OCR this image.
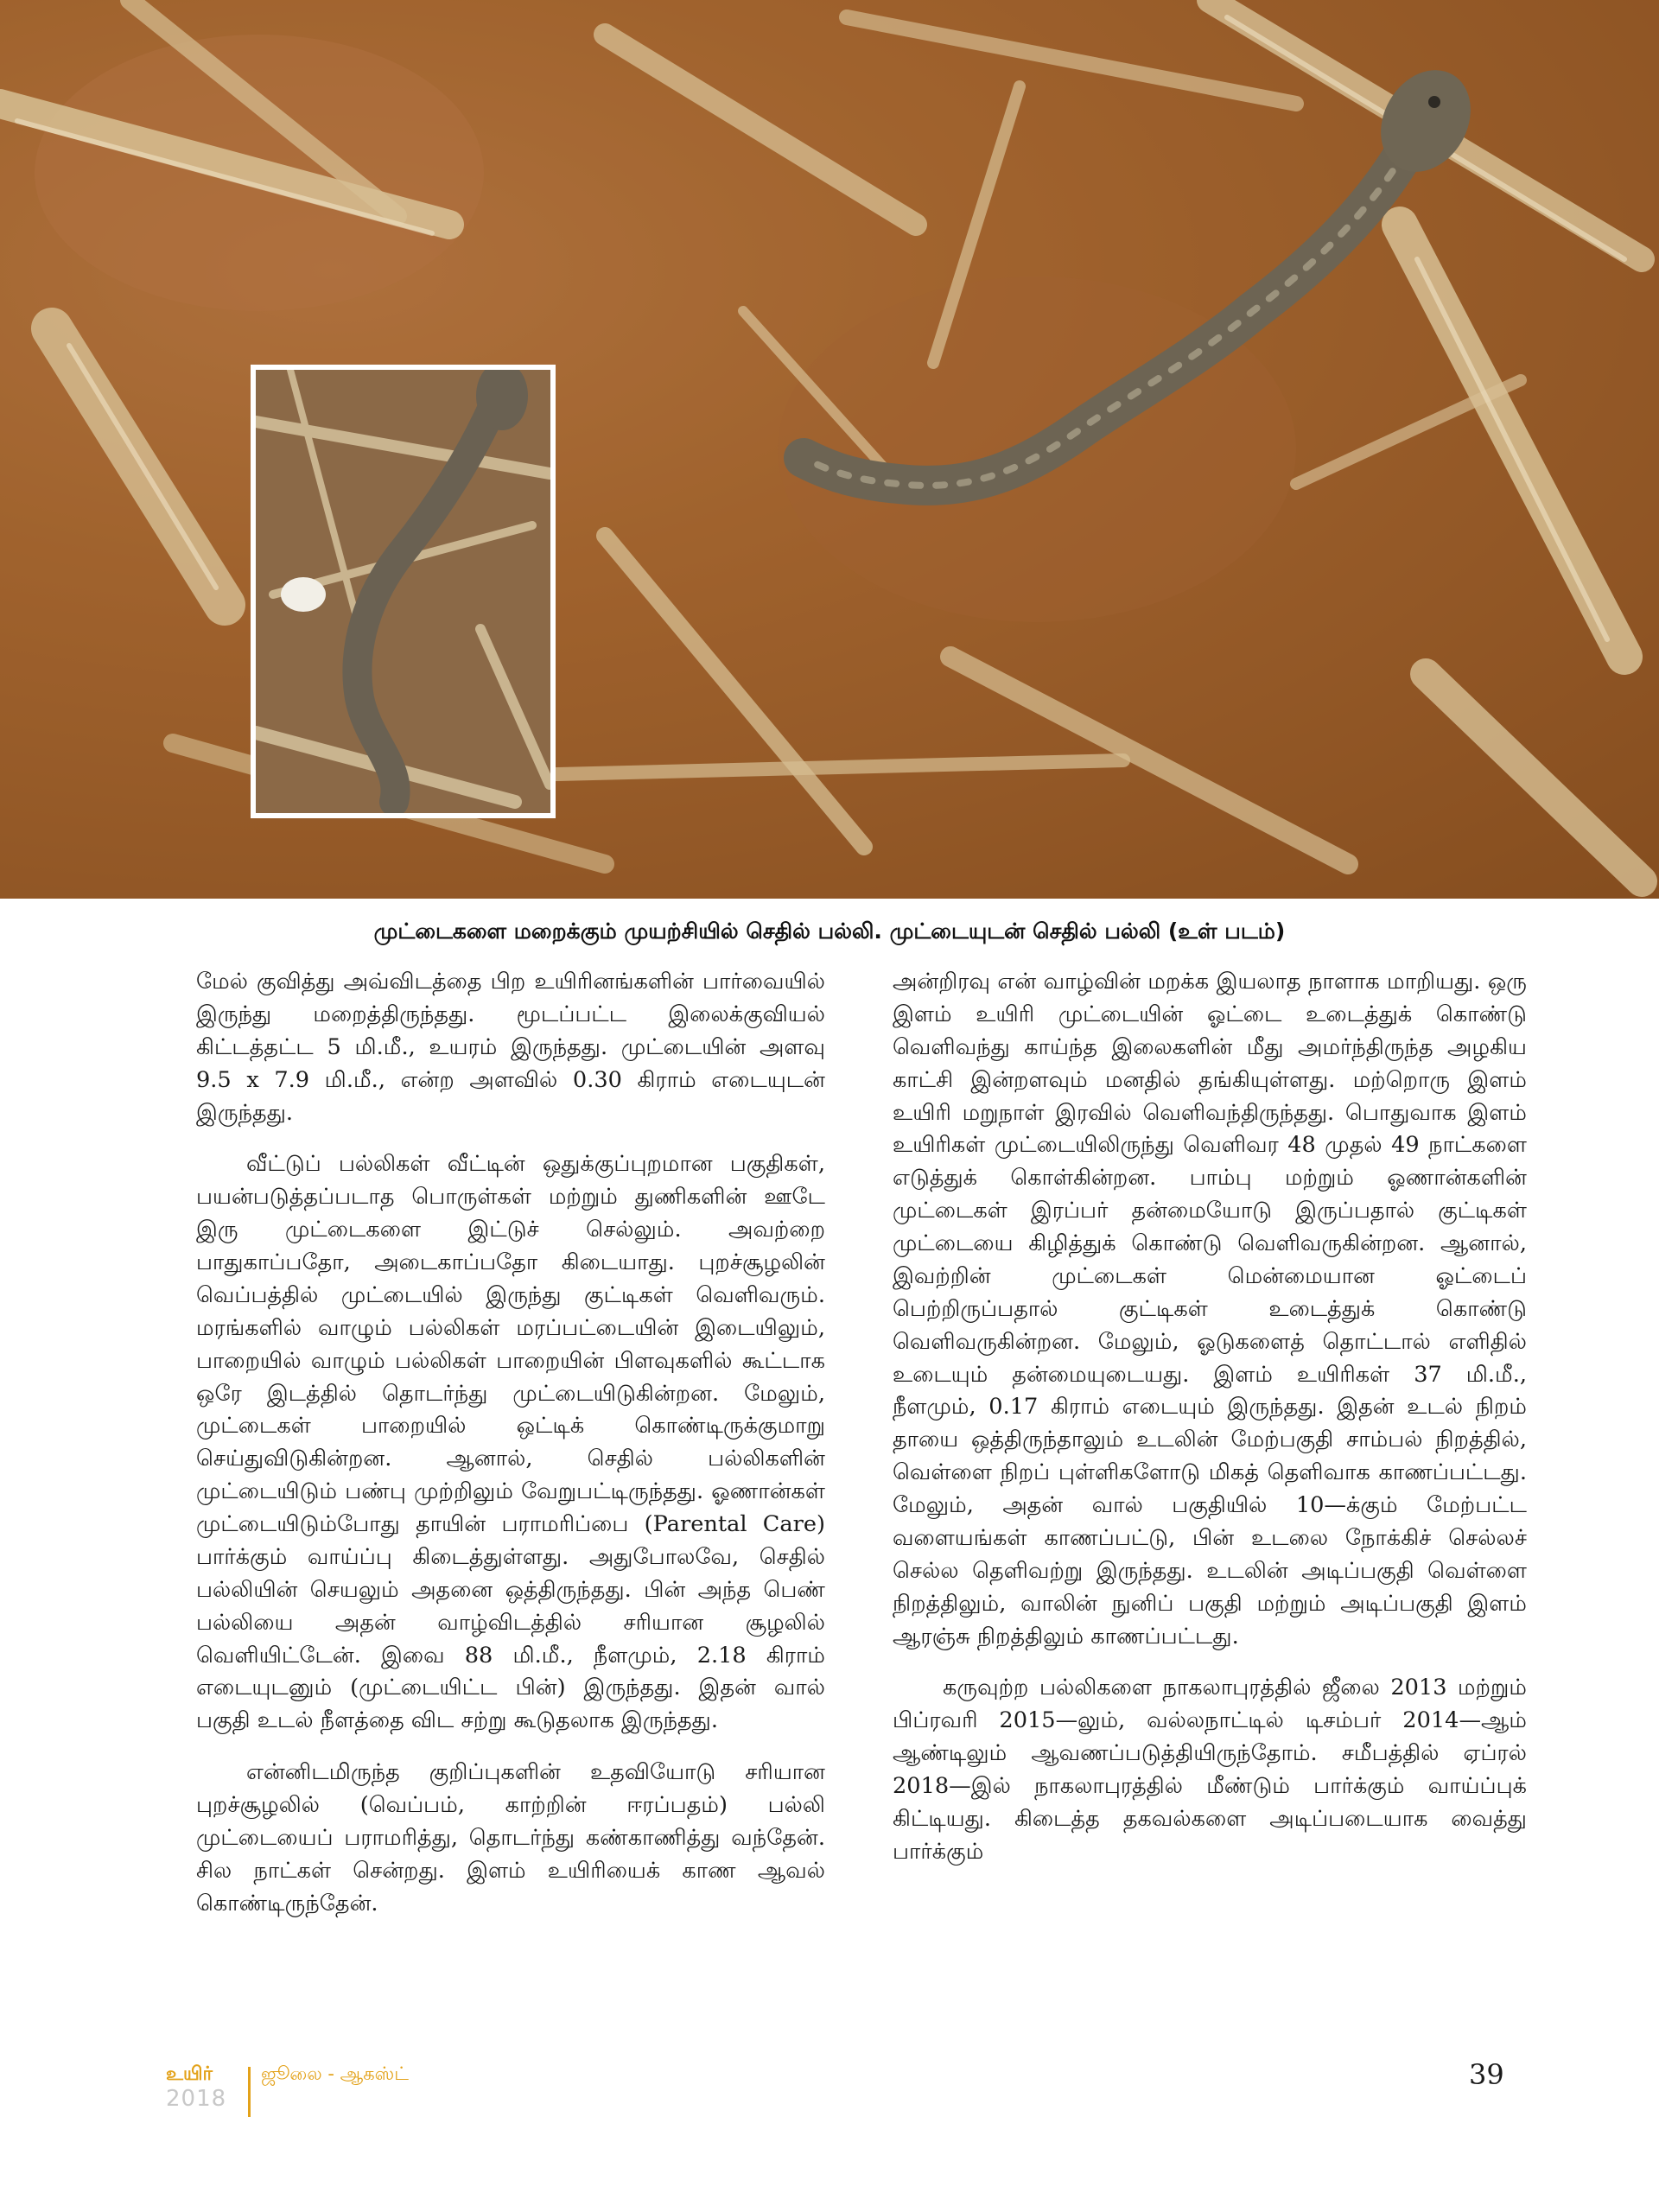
முட்டைகளை மறைக்கும் முயற்சியில் செதில் பல்லி. முட்டையுடன் செதில் பல்லி (உள் படம்)

மேல் குவித்து அவ்விடத்தை பிற உயிரினங்களின் பார்வையில் இருந்து மறைத்திருந்தது. மூடப்பட்ட இலைக்குவியல் கிட்டத்தட்ட 5 மி.மீ., உயரம் இருந்தது. முட்டையின் அளவு 9.5 x 7.9 மி.மீ., என்ற அளவில் 0.30 கிராம் எடையுடன் இருந்தது.

வீட்டுப் பல்லிகள் வீட்டின் ஒதுக்குப்புறமான பகுதிகள், பயன்படுத்தப்படாத பொருள்கள் மற்றும் துணிகளின் ஊடே இரு முட்டைகளை இட்டுச் செல்லும். அவற்றை பாதுகாப்பதோ, அடைகாப்பதோ கிடையாது. புறச்சூழலின் வெப்பத்தில் முட்டையில் இருந்து குட்டிகள் வெளிவரும். மரங்களில் வாழும் பல்லிகள் மரப்பட்டையின் இடையிலும், பாறையில் வாழும் பல்லிகள் பாறையின் பிளவுகளில் கூட்டாக ஒரே இடத்தில் தொடர்ந்து முட்டையிடுகின்றன. மேலும், முட்டைகள் பாறையில் ஒட்டிக் கொண்டிருக்குமாறு செய்துவிடுகின்றன. ஆனால், செதில் பல்லிகளின் முட்டையிடும் பண்பு முற்றிலும் வேறுபட்டிருந்தது. ஓணான்கள் முட்டையிடும்போது தாயின் பராமரிப்பை (Parental Care) பார்க்கும் வாய்ப்பு கிடைத்துள்ளது. அதுபோலவே, செதில் பல்லியின் செயலும் அதனை ஒத்திருந்தது. பின் அந்த பெண் பல்லியை அதன் வாழ்விடத்தில் சரியான சூழலில் வெளியிட்டேன். இவை 88 மி.மீ., நீளமும், 2.18 கிராம் எடையுடனும் (முட்டையிட்ட பின்) இருந்தது. இதன் வால் பகுதி உடல் நீளத்தை விட சற்று கூடுதலாக இருந்தது.

என்னிடமிருந்த குறிப்புகளின் உதவியோடு சரியான புறச்சூழலில் (வெப்பம், காற்றின் ஈரப்பதம்) பல்லி முட்டையைப் பராமரித்து, தொடர்ந்து கண்காணித்து வந்தேன். சில நாட்கள் சென்றது. இளம் உயிரியைக் காண ஆவல் கொண்டிருந்தேன்.

அன்றிரவு என் வாழ்வின் மறக்க இயலாத நாளாக மாறியது. ஒரு இளம் உயிரி முட்டையின் ஓட்டை உடைத்துக் கொண்டு வெளிவந்து காய்ந்த இலைகளின் மீது அமர்ந்திருந்த அழகிய காட்சி இன்றளவும் மனதில் தங்கியுள்ளது. மற்றொரு இளம் உயிரி மறுநாள் இரவில் வெளிவந்திருந்தது. பொதுவாக இளம் உயிரிகள் முட்டையிலிருந்து வெளிவர 48 முதல் 49 நாட்களை எடுத்துக் கொள்கின்றன. பாம்பு மற்றும் ஓணான்களின் முட்டைகள் இரப்பர் தன்மையோடு இருப்பதால் குட்டிகள் முட்டையை கிழித்துக் கொண்டு வெளிவருகின்றன. ஆனால், இவற்றின் முட்டைகள் மென்மையான ஓட்டைப் பெற்றிருப்பதால் குட்டிகள் உடைத்துக் கொண்டு வெளிவருகின்றன. மேலும், ஓடுகளைத் தொட்டால் எளிதில் உடையும் தன்மையுடையது. இளம் உயிரிகள் 37 மி.மீ., நீளமும், 0.17 கிராம் எடையும் இருந்தது. இதன் உடல் நிறம் தாயை ஒத்திருந்தாலும் உடலின் மேற்பகுதி சாம்பல் நிறத்தில், வெள்ளை நிறப் புள்ளிகளோடு மிகத் தெளிவாக காணப்பட்டது. மேலும், அதன் வால் பகுதியில் 10—க்கும் மேற்பட்ட வளையங்கள் காணப்பட்டு, பின் உடலை நோக்கிச் செல்லச் செல்ல தெளிவற்று இருந்தது. உடலின் அடிப்பகுதி வெள்ளை நிறத்திலும், வாலின் நுனிப் பகுதி மற்றும் அடிப்பகுதி இளம் ஆரஞ்சு நிறத்திலும் காணப்பட்டது.

கருவுற்ற பல்லிகளை நாகலாபுரத்தில் ஜீலை 2013 மற்றும் பிப்ரவரி 2015—லும், வல்லநாட்டில் டிசம்பர் 2014—ஆம் ஆண்டிலும் ஆவணப்படுத்தியிருந்தோம். சமீபத்தில் ஏப்ரல் 2018—இல் நாகலாபுரத்தில் மீண்டும் பார்க்கும் வாய்ப்புக் கிட்டியது. கிடைத்த தகவல்களை அடிப்படையாக வைத்து பார்க்கும்

உயிர்
2018
ஜூலை - ஆகஸ்ட்	39
